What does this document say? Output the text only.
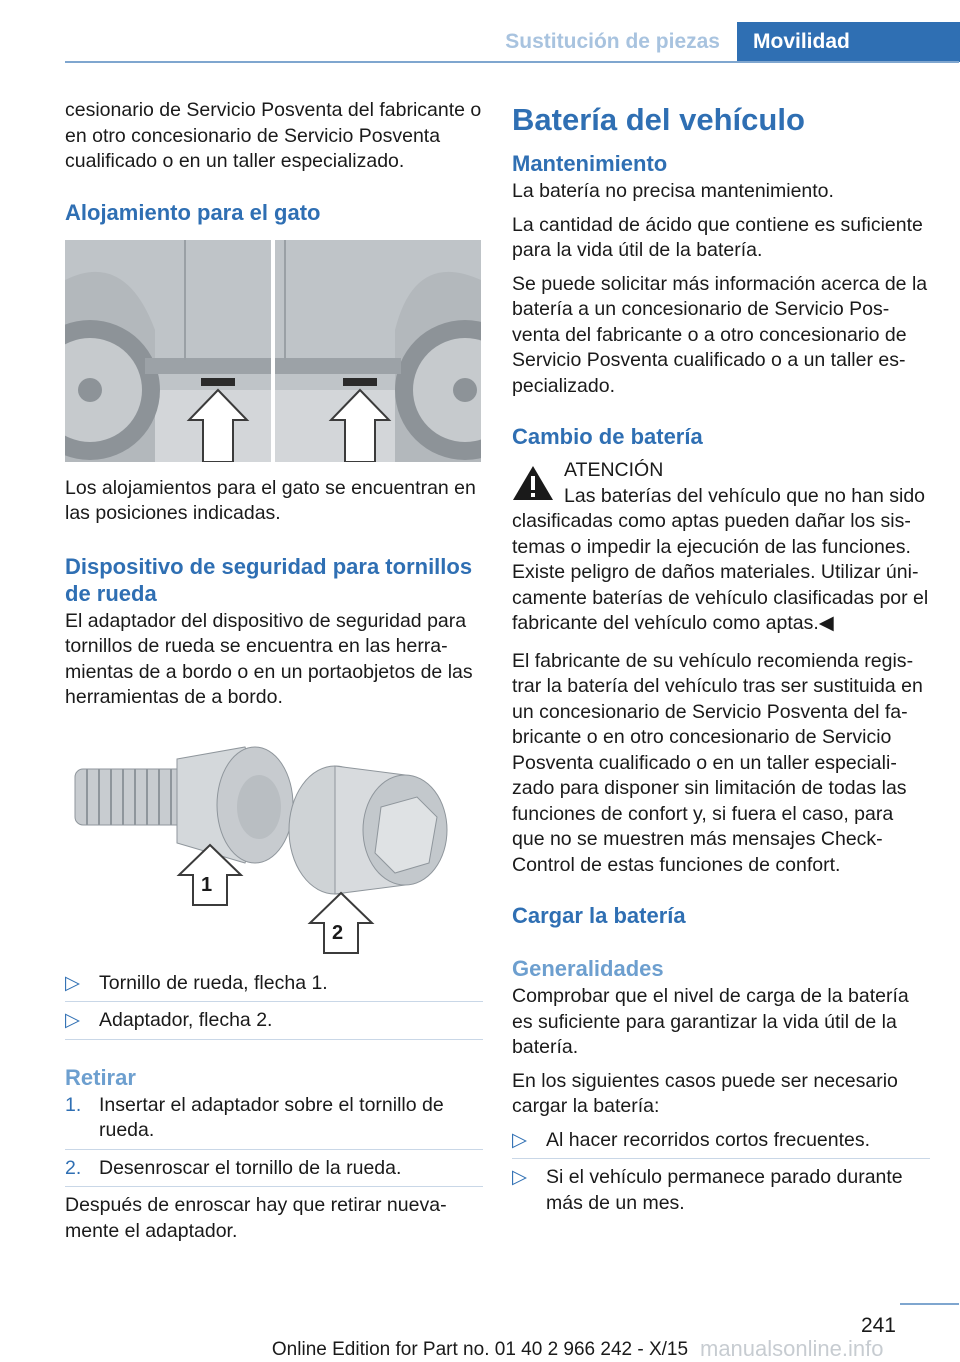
Sustitución de piezas	Movilidad

cesionario de Servicio Posventa del fabricante o en otro concesionario de Servicio Posventa cualificado o en un taller especializado.

Alojamiento para el gato

Los alojamientos para el gato se encuentran en las posiciones indicadas.

Dispositivo de seguridad para tornillos de rueda

El adaptador del dispositivo de seguridad para tornillos de rueda se encuentra en las herramientas de a bordo o en un portaobjetos de las herramientas de a bordo.

1
2
▷ Tornillo de rueda, flecha 1.
▷ Adaptador, flecha 2.
Retirar
1. Insertar el adaptador sobre el tornillo de rueda.
2. Desenroscar el tornillo de la rueda.

Después de enroscar hay que retirar nuevamente el adaptador.

Batería del vehículo
Mantenimiento

La batería no precisa mantenimiento.

La cantidad de ácido que contiene es suficiente para la vida útil de la batería.

Se puede solicitar más información acerca de la batería a un concesionario de Servicio Posventa del fabricante o a otro concesionario de Servicio Posventa cualificado o a un taller especializado.

Cambio de batería
ATENCIÓN
Las baterías del vehículo que no han sido
clasificadas como aptas pueden dañar los sistemas o impedir la ejecución de las funciones. Existe peligro de daños materiales. Utilizar únicamente baterías de vehículo clasificadas por el fabricante del vehículo como aptas.◀

El fabricante de su vehículo recomienda registrar la batería del vehículo tras ser sustituida en un concesionario de Servicio Posventa del fabricante o en otro concesionario de Servicio Posventa cualificado o en un taller especializado para disponer sin limitación de todas las funciones de confort y, si fuera el caso, para que no se muestren más mensajes Check-Control de estas funciones de confort.

Cargar la batería
Generalidades

Comprobar que el nivel de carga de la batería es suficiente para garantizar la vida útil de la batería.

En los siguientes casos puede ser necesario cargar la batería:

▷ Al hacer recorridos cortos frecuentes.
▷ Si el vehículo permanece parado durante más de un mes.
241
Online Edition for Part no. 01 40 2 966 242 - X/15 manualsonline.info
